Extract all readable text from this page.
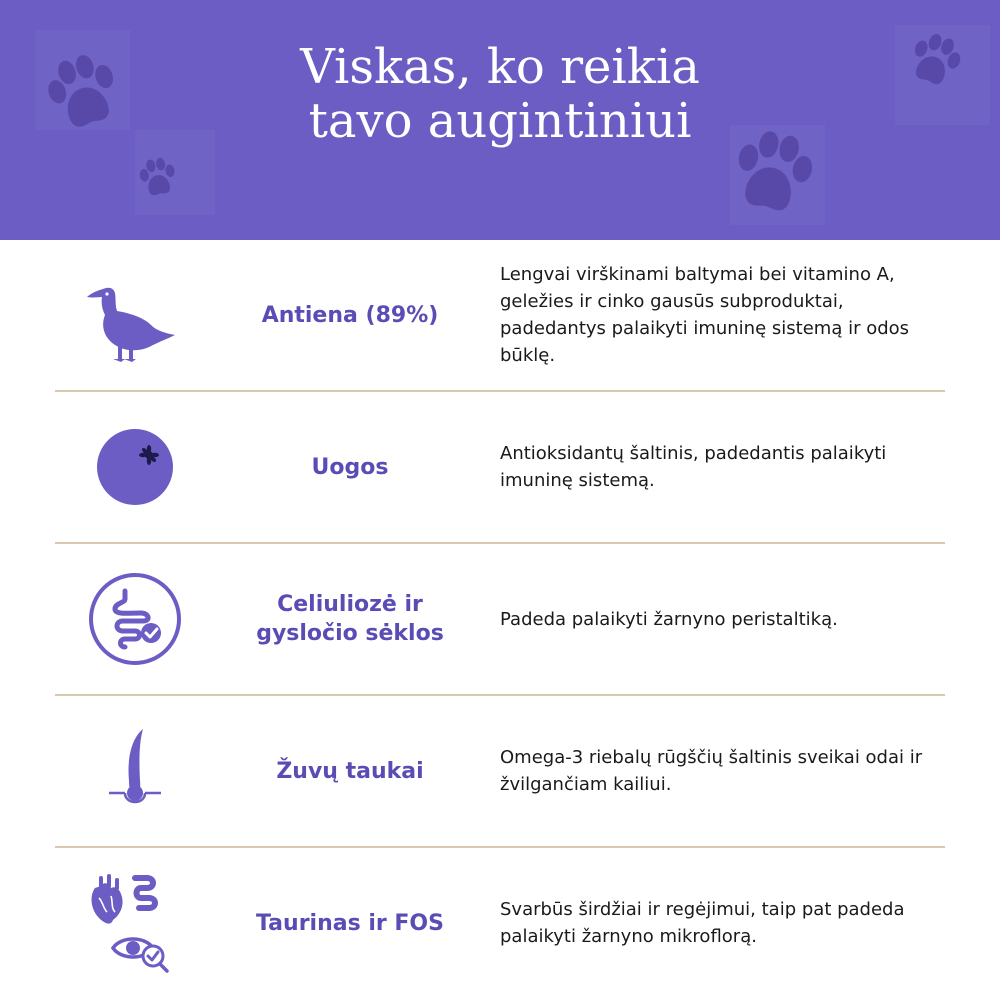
Viskas, ko reikia
tavo augintiniui
Antiena (89%)
Lengvai virškinami baltymai bei vitamino A, geležies ir cinko gausūs subproduktai, padedantys palaikyti imuninę sistemą ir odos būklę.
Uogos
Antioksidantų šaltinis, padedantis palaikyti imuninę sistemą.
Celiuliozė ir gysločio sėklos
Padeda palaikyti žarnyno peristaltiką.
Žuvų taukai
Omega-3 riebalų rūgščių šaltinis sveikai odai ir žvilgančiam kailiui.
Taurinas ir FOS
Svarbūs širdžiai ir regėjimui, taip pat padeda palaikyti žarnyno mikroflorą.
